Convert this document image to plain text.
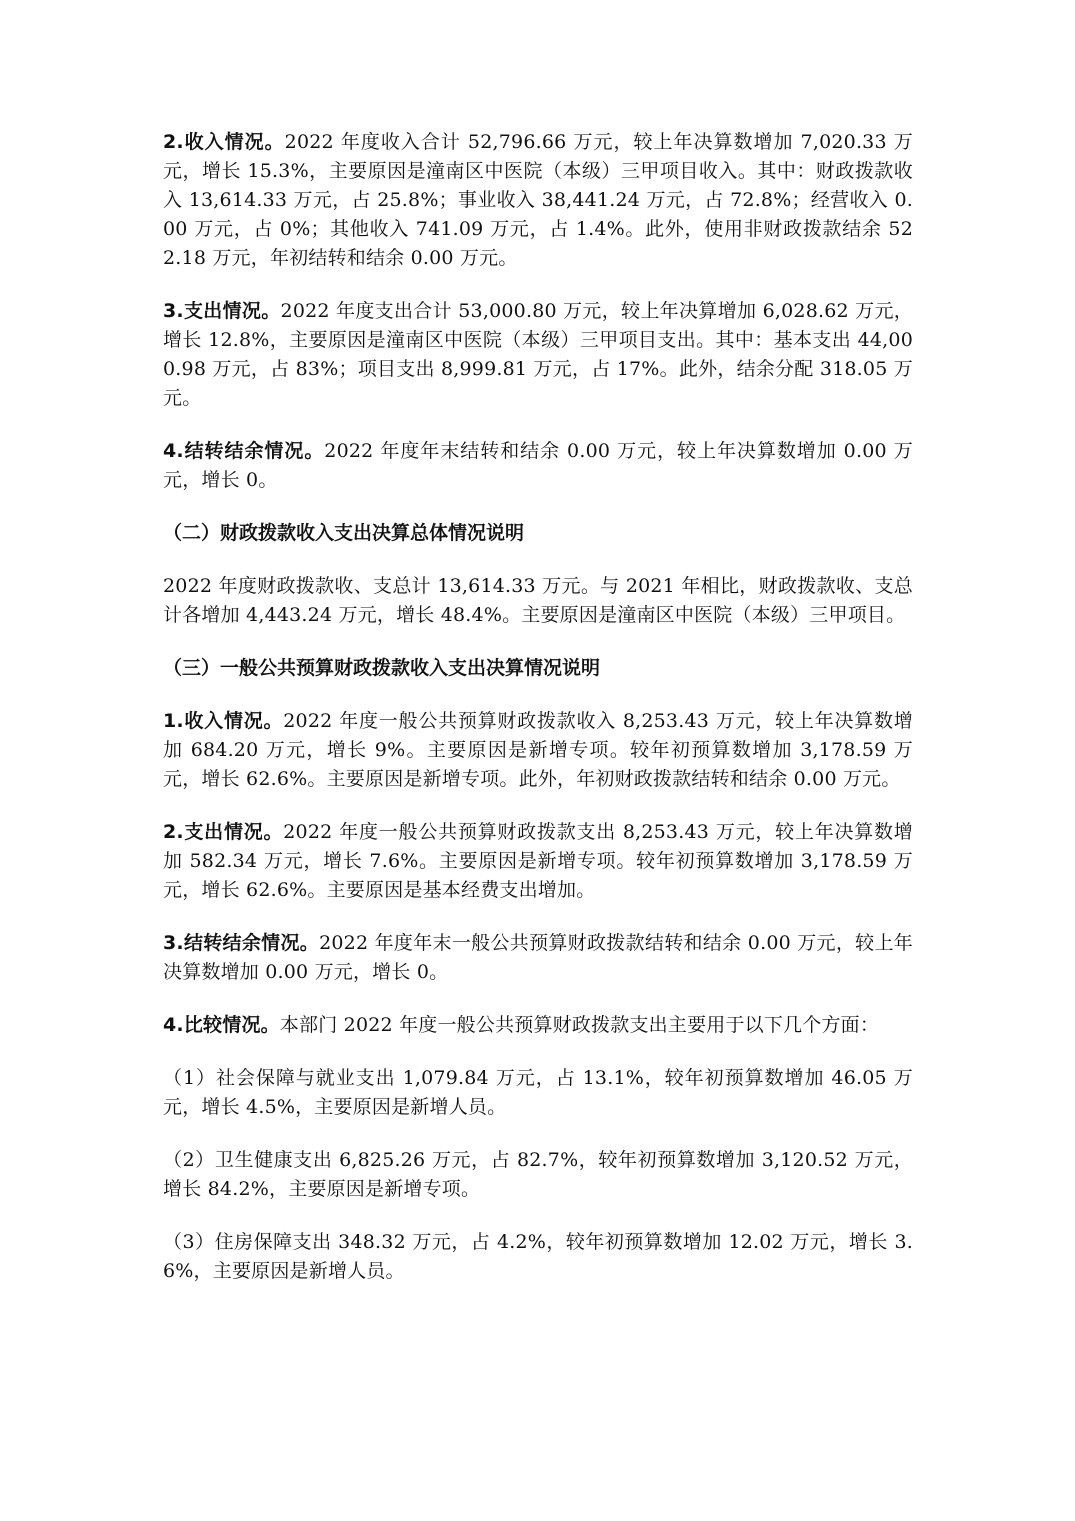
2.收入情况。2022 年度收入合计 52,796.66 万元，较上年决算数增加 7,020.33 万元，增长 15.3%，主要原因是潼南区中医院（本级）三甲项目收入。其中：财政拨款收入 13,614.33 万元，占 25.8%；事业收入 38,441.24 万元，占 72.8%；经营收入 0.00 万元，占 0%；其他收入 741.09 万元，占 1.4%。此外，使用非财政拨款结余 522.18 万元，年初结转和结余 0.00 万元。

3.支出情况。2022 年度支出合计 53,000.80 万元，较上年决算增加 6,028.62 万元，增长 12.8%，主要原因是潼南区中医院（本级）三甲项目支出。其中：基本支出 44,000.98 万元，占 83%；项目支出 8,999.81 万元，占 17%。此外，结余分配 318.05 万元。

4.结转结余情况。2022 年度年末结转和结余 0.00 万元，较上年决算数增加 0.00 万元，增长 0。

（二）财政拨款收入支出决算总体情况说明

2022 年度财政拨款收、支总计 13,614.33 万元。与 2021 年相比，财政拨款收、支总计各增加 4,443.24 万元，增长 48.4%。主要原因是潼南区中医院（本级）三甲项目。

（三）一般公共预算财政拨款收入支出决算情况说明

1.收入情况。2022 年度一般公共预算财政拨款收入 8,253.43 万元，较上年决算数增加 684.20 万元，增长 9%。主要原因是新增专项。较年初预算数增加 3,178.59 万元，增长 62.6%。主要原因是新增专项。此外，年初财政拨款结转和结余 0.00 万元。

2.支出情况。2022 年度一般公共预算财政拨款支出 8,253.43 万元，较上年决算数增加 582.34 万元，增长 7.6%。主要原因是新增专项。较年初预算数增加 3,178.59 万元，增长 62.6%。主要原因是基本经费支出增加。

3.结转结余情况。2022 年度年末一般公共预算财政拨款结转和结余 0.00 万元，较上年决算数增加 0.00 万元，增长 0。

4.比较情况。本部门 2022 年度一般公共预算财政拨款支出主要用于以下几个方面：

（1）社会保障与就业支出 1,079.84 万元，占 13.1%，较年初预算数增加 46.05 万元，增长 4.5%，主要原因是新增人员。

（2）卫生健康支出 6,825.26 万元，占 82.7%，较年初预算数增加 3,120.52 万元，增长 84.2%，主要原因是新增专项。

（3）住房保障支出 348.32 万元，占 4.2%，较年初预算数增加 12.02 万元，增长 3.6%，主要原因是新增人员。
